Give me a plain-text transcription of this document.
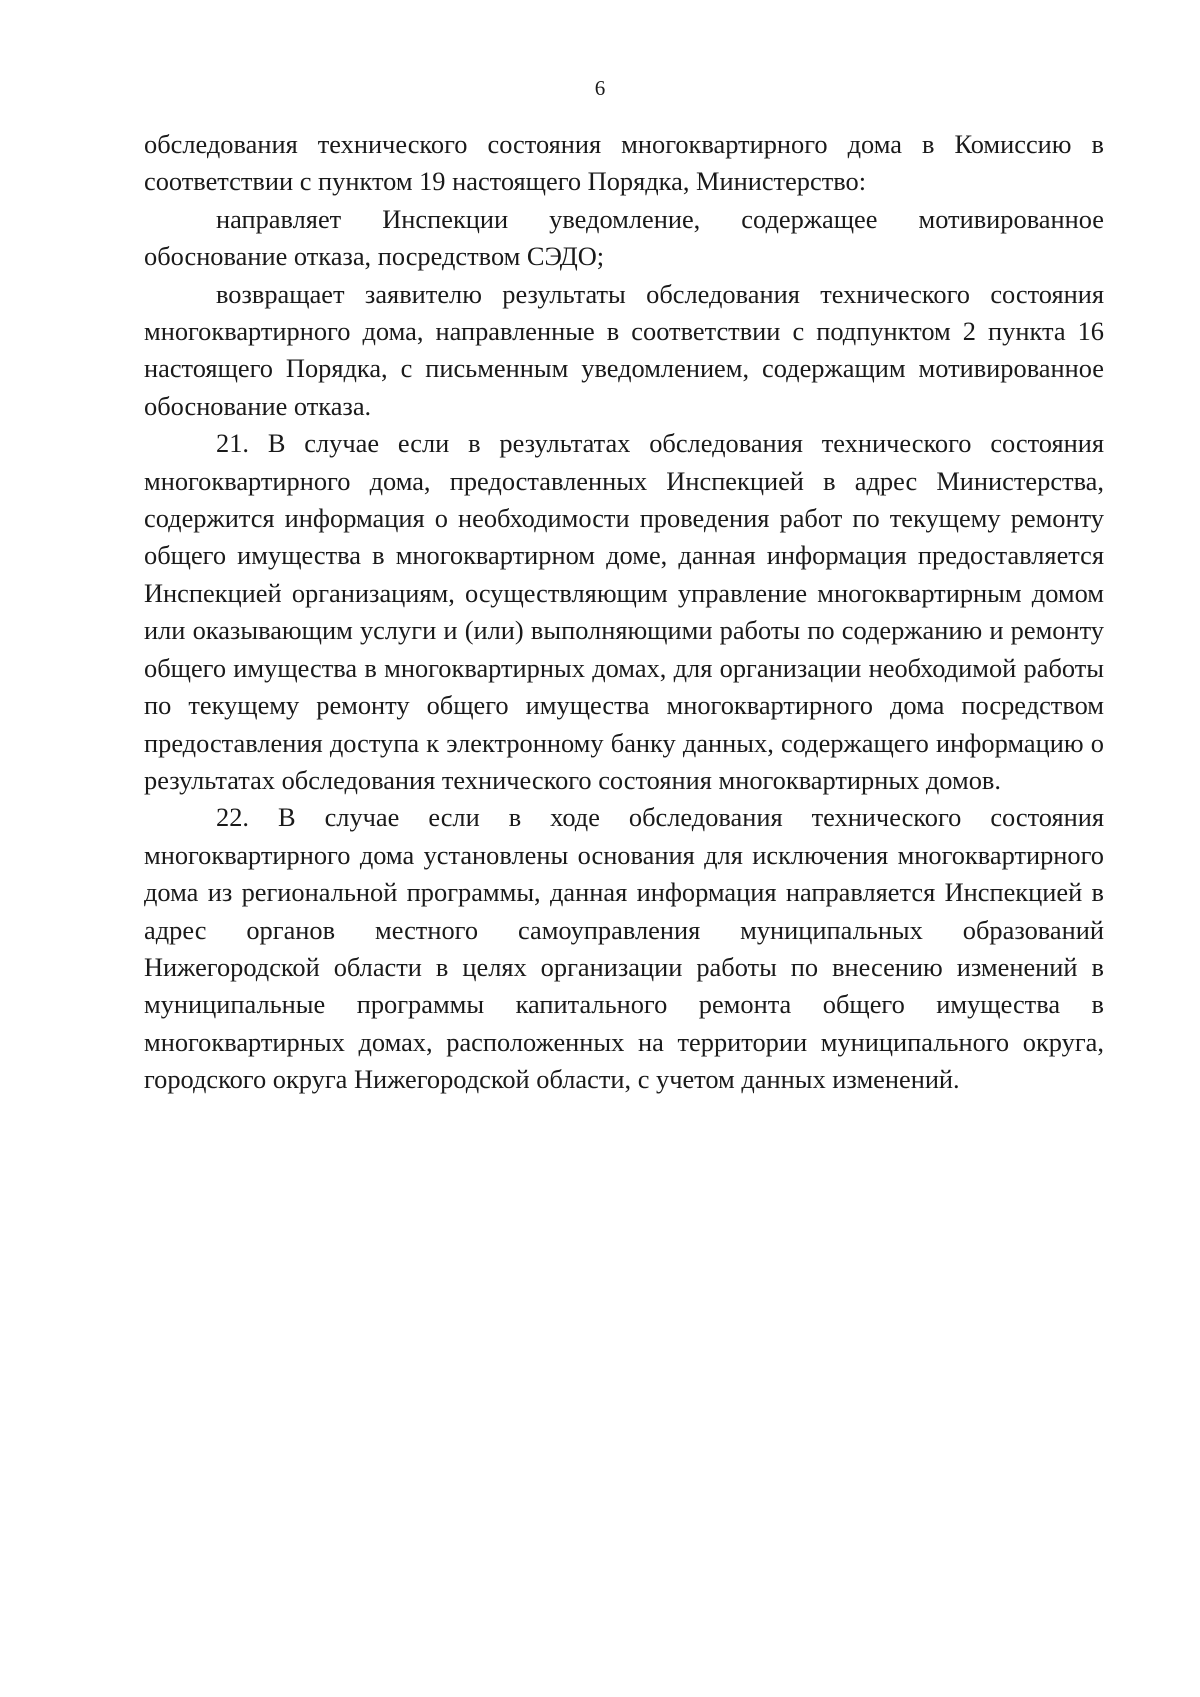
6

обследования технического состояния многоквартирного дома в Комиссию в соответствии с пунктом 19 настоящего Порядка, Министерство:

направляет Инспекции уведомление, содержащее мотивированное обоснование отказа, посредством СЭДО;

возвращает заявителю результаты обследования технического состояния многоквартирного дома, направленные в соответствии с подпунктом 2 пункта 16 настоящего Порядка, с письменным уведомлением, содержащим мотивированное обоснование отказа.

21. В случае если в результатах обследования технического состояния многоквартирного дома, предоставленных Инспекцией в адрес Министерства, содержится информация о необходимости проведения работ по текущему ремонту общего имущества в многоквартирном доме, данная информация предоставляется Инспекцией организациям, осуществляющим управление многоквартирным домом или оказывающим услуги и (или) выполняющими работы по содержанию и ремонту общего имущества в многоквартирных домах, для организации необходимой работы по текущему ремонту общего имущества многоквартирного дома посредством предоставления доступа к электронному банку данных, содержащего информацию о результатах обследования технического состояния многоквартирных домов.

22. В случае если в ходе обследования технического состояния многоквартирного дома установлены основания для исключения многоквартирного дома из региональной программы, данная информация направляется Инспекцией в адрес органов местного самоуправления муниципальных образований Нижегородской области в целях организации работы по внесению изменений в муниципальные программы капитального ремонта общего имущества в многоквартирных домах, расположенных на территории муниципального округа, городского округа Нижегородской области, с учетом данных изменений.
